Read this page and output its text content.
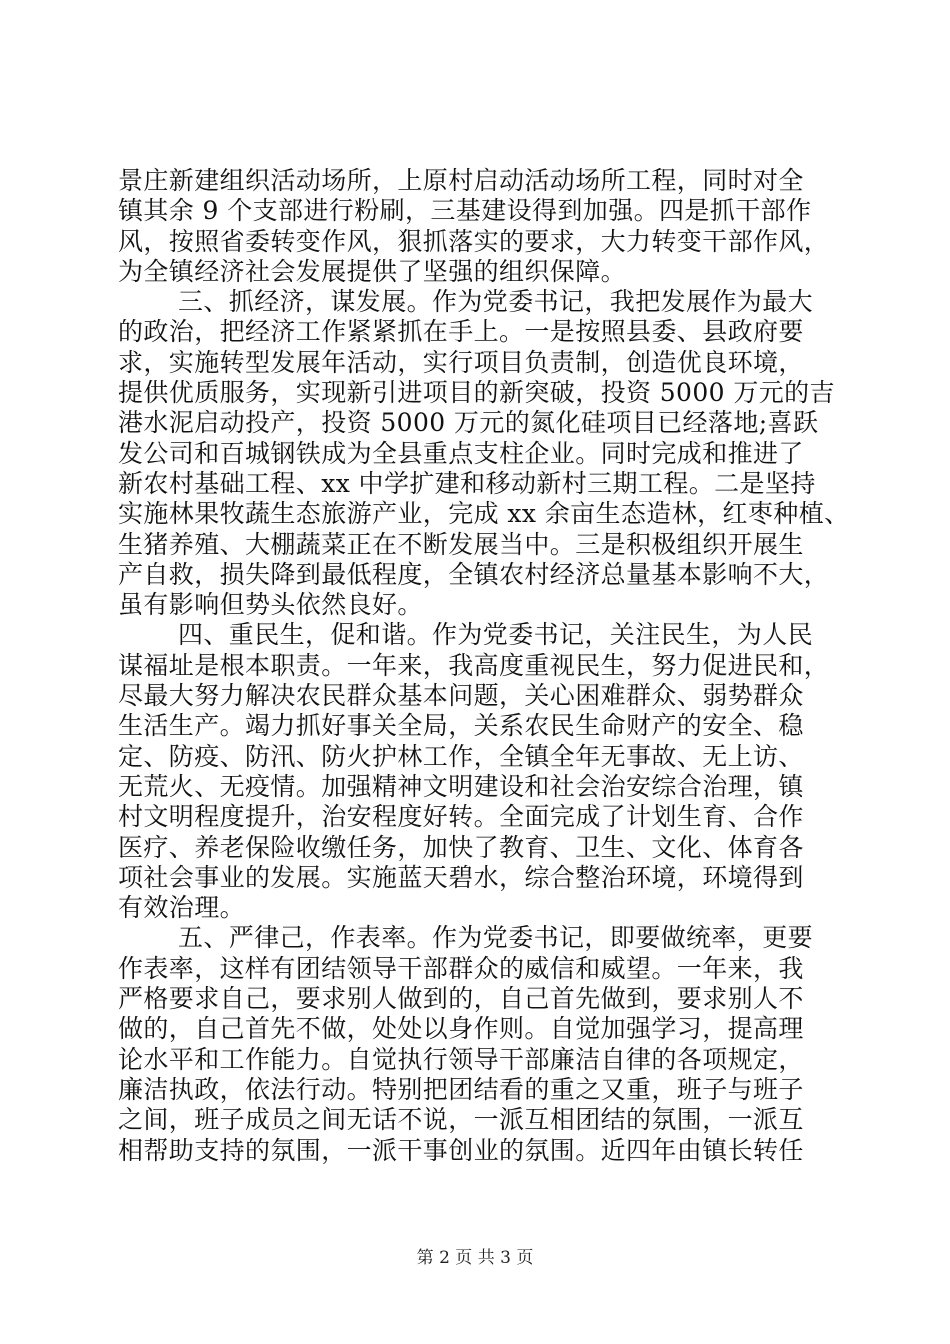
景庄新建组织活动场所，上原村启动活动场所工程，同时对全
镇其余 9 个支部进行粉刷，三基建设得到加强。四是抓干部作
风，按照省委转变作风，狠抓落实的要求，大力转变干部作风，
为全镇经济社会发展提供了坚强的组织保障。
三、抓经济，谋发展。作为党委书记，我把发展作为最大
的政治，把经济工作紧紧抓在手上。一是按照县委、县政府要
求，实施转型发展年活动，实行项目负责制，创造优良环境，
提供优质服务，实现新引进项目的新突破，投资 5000 万元的吉
港水泥启动投产，投资 5000 万元的氮化硅项目已经落地;喜跃
发公司和百城钢铁成为全县重点支柱企业。同时完成和推进了
新农村基础工程、xx 中学扩建和移动新村三期工程。二是坚持
实施林果牧蔬生态旅游产业，完成 xx 余亩生态造林，红枣种植、
生猪养殖、大棚蔬菜正在不断发展当中。三是积极组织开展生
产自救，损失降到最低程度，全镇农村经济总量基本影响不大，
虽有影响但势头依然良好。
四、重民生，促和谐。作为党委书记，关注民生，为人民
谋福址是根本职责。一年来，我高度重视民生，努力促进民和，
尽最大努力解决农民群众基本问题，关心困难群众、弱势群众
生活生产。竭力抓好事关全局，关系农民生命财产的安全、稳
定、防疫、防汛、防火护林工作，全镇全年无事故、无上访、
无荒火、无疫情。加强精神文明建设和社会治安综合治理，镇
村文明程度提升，治安程度好转。全面完成了计划生育、合作
医疗、养老保险收缴任务，加快了教育、卫生、文化、体育各
项社会事业的发展。实施蓝天碧水，综合整治环境，环境得到
有效治理。
五、严律己，作表率。作为党委书记，即要做统率，更要
作表率，这样有团结领导干部群众的威信和威望。一年来，我
严格要求自己，要求别人做到的，自己首先做到，要求别人不
做的，自己首先不做，处处以身作则。自觉加强学习，提高理
论水平和工作能力。自觉执行领导干部廉洁自律的各项规定，
廉洁执政，依法行动。特别把团结看的重之又重，班子与班子
之间，班子成员之间无话不说，一派互相团结的氛围，一派互
相帮助支持的氛围，一派干事创业的氛围。近四年由镇长转任
第 2 页 共 3 页
